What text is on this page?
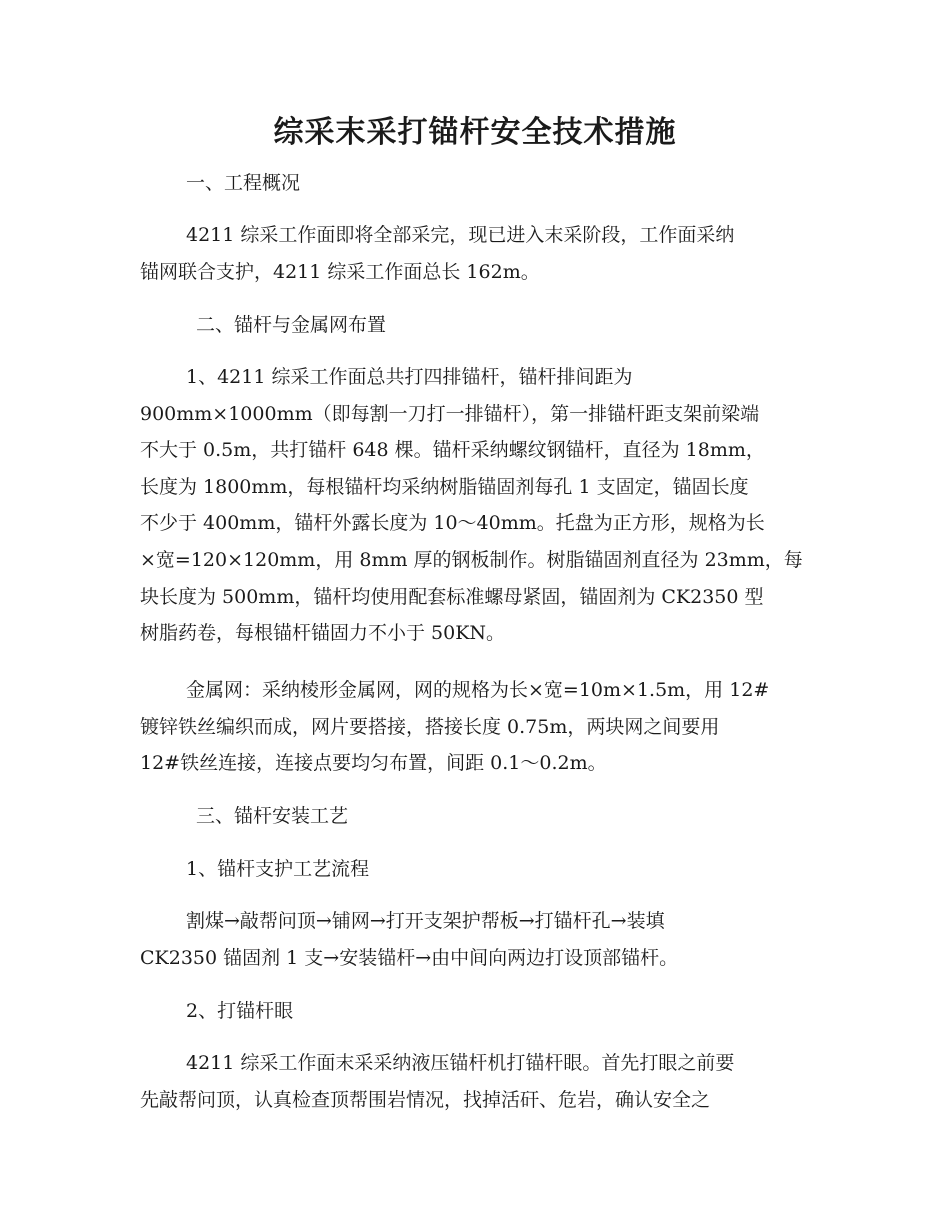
综采末采打锚杆安全技术措施
一、工程概况
4211 综采工作面即将全部采完，现已进入末采阶段，工作面采纳
锚网联合支护，4211 综采工作面总长 162m。
二、锚杆与金属网布置
1、4211 综采工作面总共打四排锚杆，锚杆排间距为
900mm×1000mm（即每割一刀打一排锚杆），第一排锚杆距支架前梁端
不大于 0.5m，共打锚杆 648 棵。锚杆采纳螺纹钢锚杆，直径为 18mm，
长度为 1800mm，每根锚杆均采纳树脂锚固剂每孔 1 支固定，锚固长度
不少于 400mm，锚杆外露长度为 10～40mm。托盘为正方形，规格为长
×宽=120×120mm，用 8mm 厚的钢板制作。树脂锚固剂直径为 23mm，每
块长度为 500mm，锚杆均使用配套标准螺母紧固，锚固剂为 CK2350 型
树脂药卷，每根锚杆锚固力不小于 50KN。
金属网：采纳棱形金属网，网的规格为长×宽=10m×1.5m，用 12#
镀锌铁丝编织而成，网片要搭接，搭接长度 0.75m，两块网之间要用
12#铁丝连接，连接点要均匀布置，间距 0.1～0.2m。
三、锚杆安装工艺
1、锚杆支护工艺流程
割煤→敲帮问顶→铺网→打开支架护帮板→打锚杆孔→装填
CK2350 锚固剂 1 支→安装锚杆→由中间向两边打设顶部锚杆。
2、打锚杆眼
4211 综采工作面末采采纳液压锚杆机打锚杆眼。首先打眼之前要
先敲帮问顶，认真检查顶帮围岩情况，找掉活矸、危岩，确认安全之
